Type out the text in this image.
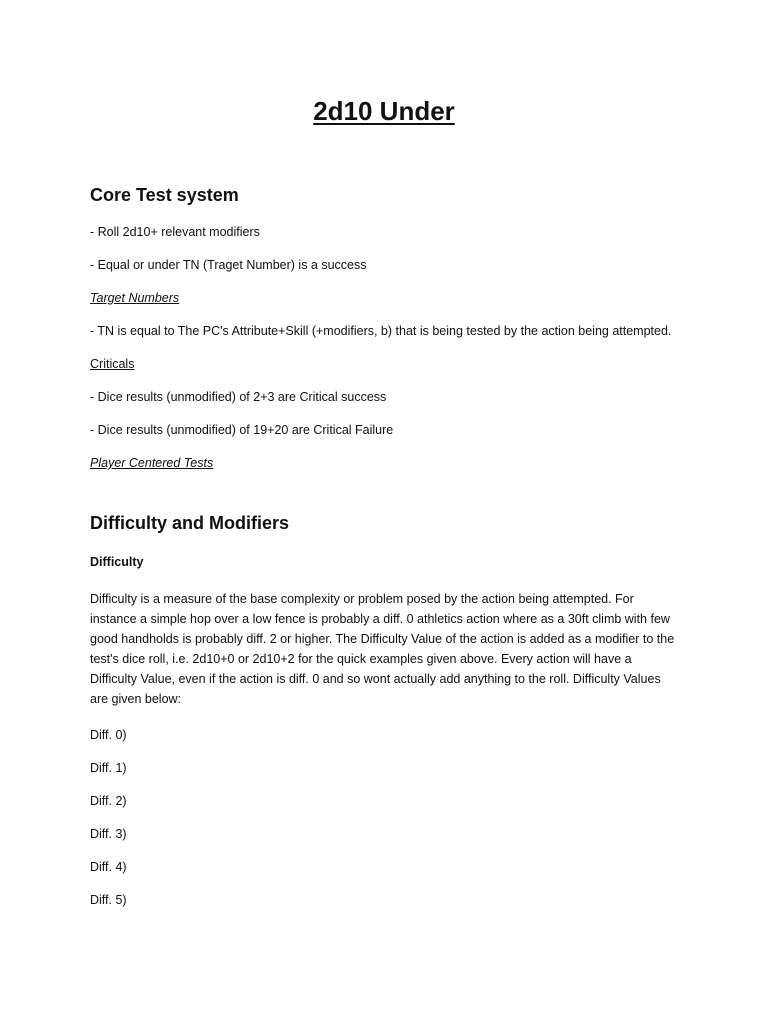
2d10 Under
Core Test system

- Roll 2d10+ relevant modifiers

- Equal or under TN (Traget Number) is a success

Target Numbers

- TN is equal to The PC's Attribute+Skill (+modifiers, b) that is being tested by the action being attempted.

Criticals

- Dice results (unmodified) of 2+3 are Critical success

- Dice results (unmodified) of 19+20 are Critical Failure

Player Centered Tests

Difficulty and Modifiers

Difficulty

Difficulty is a measure of the base complexity or problem posed by the action being attempted. For instance a simple hop over a low fence is probably a diff. 0 athletics action where as a 30ft climb with few good handholds is probably diff. 2 or higher. The Difficulty Value of the action is added as a modifier to the test's dice roll, i.e. 2d10+0 or 2d10+2 for the quick examples given above. Every action will have a Difficulty Value, even if the action is diff. 0 and so wont actually add anything to the roll. Difficulty Values are given below:

Diff. 0)

Diff. 1)

Diff. 2)

Diff. 3)

Diff. 4)

Diff. 5)
